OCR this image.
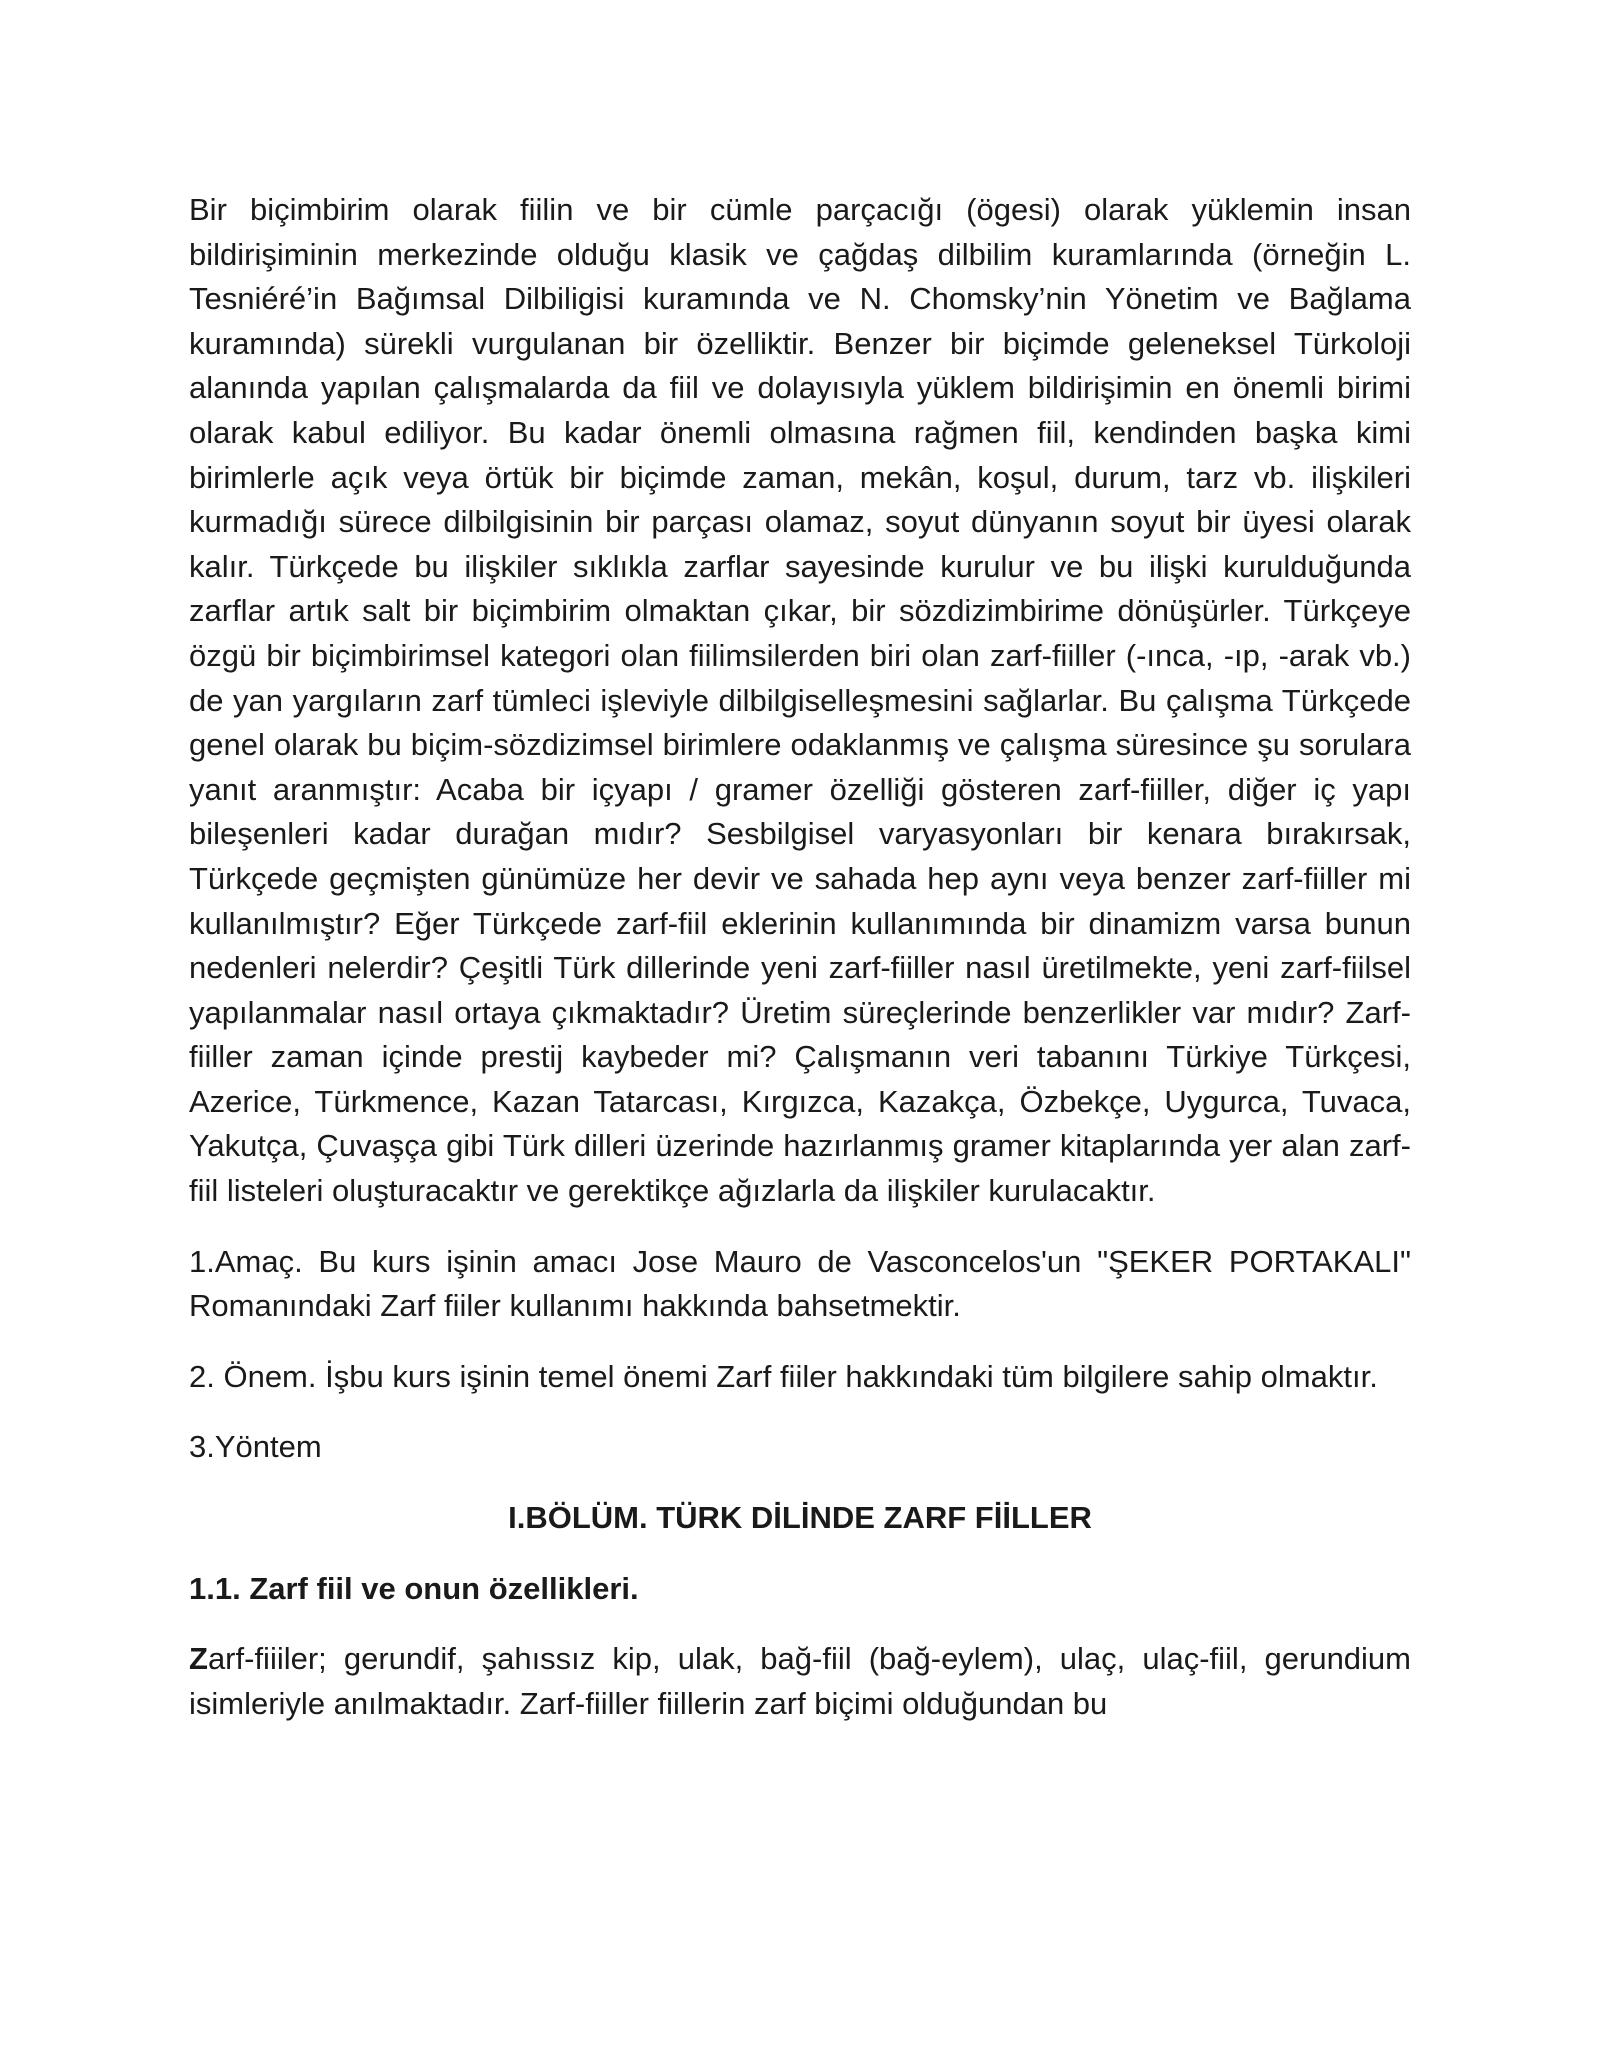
Bir biçimbirim olarak fiilin ve bir cümle parçacığı (ögesi) olarak yüklemin insan bildirişiminin merkezinde olduğu klasik ve çağdaş dilbilim kuramlarında (örneğin L. Tesniéré’in Bağımsal Dilbiligisi kuramında ve N. Chomsky’nin Yönetim ve Bağlama kuramında) sürekli vurgulanan bir özelliktir. Benzer bir biçimde geleneksel Türkoloji alanında yapılan çalışmalarda da fiil ve dolayısıyla yüklem bildirişimin en önemli birimi olarak kabul ediliyor. Bu kadar önemli olmasına rağmen fiil, kendinden başka kimi birimlerle açık veya örtük bir biçimde zaman, mekân, koşul, durum, tarz vb. ilişkileri kurmadığı sürece dilbilgisinin bir parçası olamaz, soyut dünyanın soyut bir üyesi olarak kalır. Türkçede bu ilişkiler sıklıkla zarflar sayesinde kurulur ve bu ilişki kurulduğunda zarflar artık salt bir biçimbirim olmaktan çıkar, bir sözdizimbirime dönüşürler. Türkçeye özgü bir biçimbirimsel kategori olan fiilimsilerden biri olan zarf-fiiller (-ınca, -ıp, -arak vb.) de yan yargıların zarf tümleci işleviyle dilbilgiselleşmesini sağlarlar. Bu çalışma Türkçede genel olarak bu biçim-sözdizimsel birimlere odaklanmış ve çalışma süresince şu sorulara yanıt aranmıştır: Acaba bir içyapı / gramer özelliği gösteren zarf-fiiller, diğer iç yapı bileşenleri kadar durağan mıdır? Sesbilgisel varyasyonları bir kenara bırakırsak, Türkçede geçmişten günümüze her devir ve sahada hep aynı veya benzer zarf-fiiller mi kullanılmıştır? Eğer Türkçede zarf-fiil eklerinin kullanımında bir dinamizm varsa bunun nedenleri nelerdir? Çeşitli Türk dillerinde yeni zarf-fiiller nasıl üretilmekte, yeni zarf-fiilsel yapılanmalar nasıl ortaya çıkmaktadır? Üretim süreçlerinde benzerlikler var mıdır? Zarf-fiiller zaman içinde prestij kaybeder mi? Çalışmanın veri tabanını Türkiye Türkçesi, Azerice, Türkmence, Kazan Tatarcası, Kırgızca, Kazakça, Özbekçe, Uygurca, Tuvaca, Yakutça, Çuvaşça gibi Türk dilleri üzerinde hazırlanmış gramer kitaplarında yer alan zarf-fiil listeleri oluşturacaktır ve gerektikçe ağızlarla da ilişkiler kurulacaktır.

1.Amaç. Bu kurs işinin amacı Jose Mauro de Vasconcelos'un "ŞEKER PORTAKALI" Romanındaki Zarf fiiler kullanımı hakkında bahsetmektir.

2. Önem. İşbu kurs işinin temel önemi Zarf fiiler hakkındaki tüm bilgilere sahip olmaktır.

3.Yöntem

I.BÖLÜM. TÜRK DİLİNDE ZARF FİİLLER

1.1. Zarf fiil ve onun özellikleri.

Zarf-fiiiler; gerundif, şahıssız kip, ulak, bağ-fiil (bağ-eylem), ulaç, ulaç-fiil, gerundium isimleriyle anılmaktadır. Zarf-fiiller fiillerin zarf biçimi olduğundan bu
